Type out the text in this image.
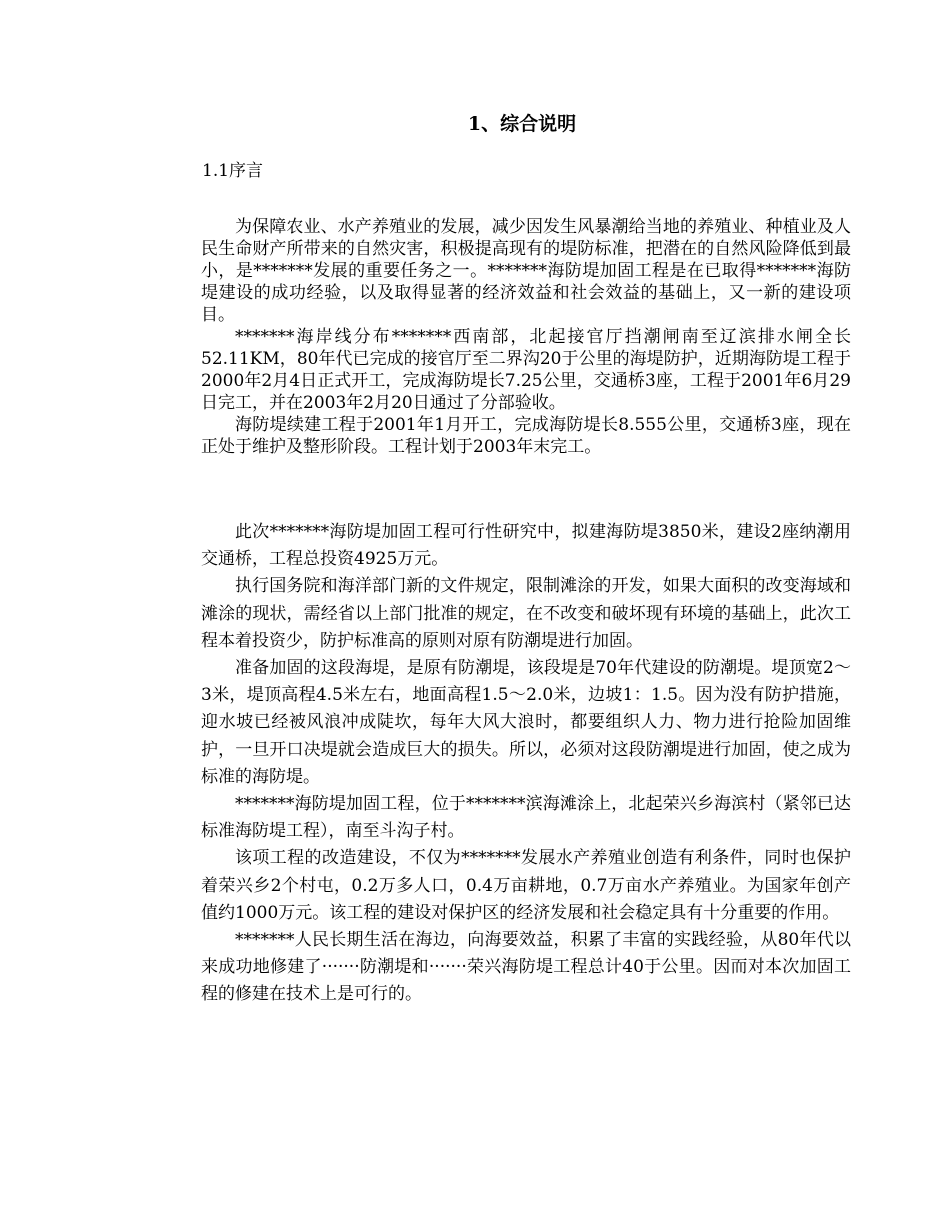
1、综合说明
1.1序言

为保障农业、水产养殖业的发展，减少因发生风暴潮给当地的养殖业、种植业及人民生命财产所带来的自然灾害，积极提高现有的堤防标准，把潜在的自然风险降低到最小，是*******发展的重要任务之一。*******海防堤加固工程是在已取得*******海防堤建设的成功经验，以及取得显著的经济效益和社会效益的基础上，又一新的建设项目。

*******海岸线分布*******西南部，北起接官厅挡潮闸南至辽滨排水闸全长52.11KM，80年代已完成的接官厅至二界沟20于公里的海堤防护，近期海防堤工程于2000年2月4日正式开工，完成海防堤长7.25公里，交通桥3座，工程于2001年6月29日完工，并在2003年2月20日通过了分部验收。

海防堤续建工程于2001年1月开工，完成海防堤长8.555公里，交通桥3座，现在正处于维护及整形阶段。工程计划于2003年末完工。

此次*******海防堤加固工程可行性研究中，拟建海防堤3850米，建设2座纳潮用交通桥，工程总投资4925万元。

执行国务院和海洋部门新的文件规定，限制滩涂的开发，如果大面积的改变海域和滩涂的现状，需经省以上部门批准的规定，在不改变和破坏现有环境的基础上，此次工程本着投资少，防护标准高的原则对原有防潮堤进行加固。

准备加固的这段海堤，是原有防潮堤，该段堤是70年代建设的防潮堤。堤顶宽2～3米，堤顶高程4.5米左右，地面高程1.5～2.0米，边坡1：1.5。因为没有防护措施，迎水坡已经被风浪冲成陡坎，每年大风大浪时，都要组织人力、物力进行抢险加固维护，一旦开口决堤就会造成巨大的损失。所以，必须对这段防潮堤进行加固，使之成为标准的海防堤。

*******海防堤加固工程，位于*******滨海滩涂上，北起荣兴乡海滨村（紧邻已达标准海防堤工程），南至斗沟子村。

该项工程的改造建设，不仅为*******发展水产养殖业创造有利条件，同时也保护着荣兴乡2个村屯，0.2万多人口，0.4万亩耕地，0.7万亩水产养殖业。为国家年创产值约1000万元。该工程的建设对保护区的经济发展和社会稳定具有十分重要的作用。

*******人民长期生活在海边，向海要效益，积累了丰富的实践经验，从80年代以来成功地修建了·······防潮堤和·······荣兴海防堤工程总计40于公里。因而对本次加固工程的修建在技术上是可行的。
